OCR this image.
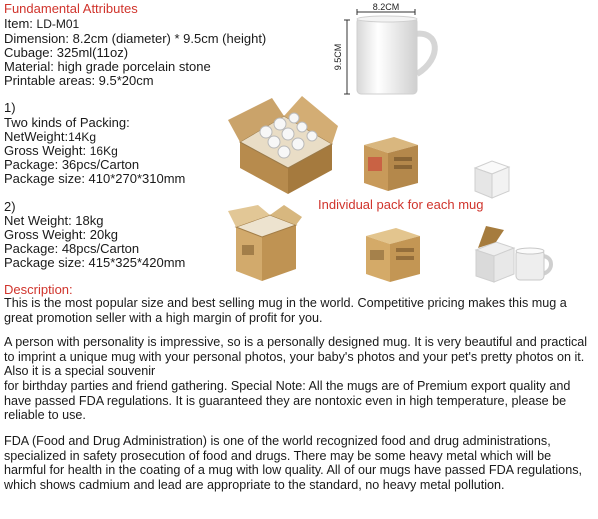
Fundamental Attributes
Item: LD-M01
Dimension: 8.2cm (diameter) * 9.5cm (height)
Cubage: 325ml(11oz)
Material: high grade porcelain stone
Printable areas: 9.5*20cm
8.2CM
9.5CM
1)
Two kinds of Packing:
NetWeight:14Kg
Gross Weight: 16Kg
Package: 36pcs/Carton
Package size: 410*270*310mm
Individual pack for each mug
2)
Net Weight: 18kg
Gross Weight: 20kg
Package: 48pcs/Carton
Package size: 415*325*420mm
Description:
This is the most popular size and best selling mug in the world. Competitive pricing makes this mug a great promotion seller with a high margin of profit for you.
A person with personality is impressive, so is a personally designed mug. It is very beautiful and practical to imprint a unique mug with your personal photos, your baby's photos and your pet's pretty photos on it. Also it is a special souvenir
for birthday parties and friend gathering. Special Note: All the mugs are of Premium export quality and have passed FDA regulations. It is guaranteed they are nontoxic even in high temperature, please be reliable to use.
FDA (Food and Drug Administration) is one of the world recognized food and drug administrations, specialized in safety prosecution of food and drugs. There may be some heavy metal which will be harmful for health in the coating of a mug with low quality. All of our mugs have passed FDA regulations, which shows cadmium and lead are appropriate to the standard, no heavy metal pollution.
